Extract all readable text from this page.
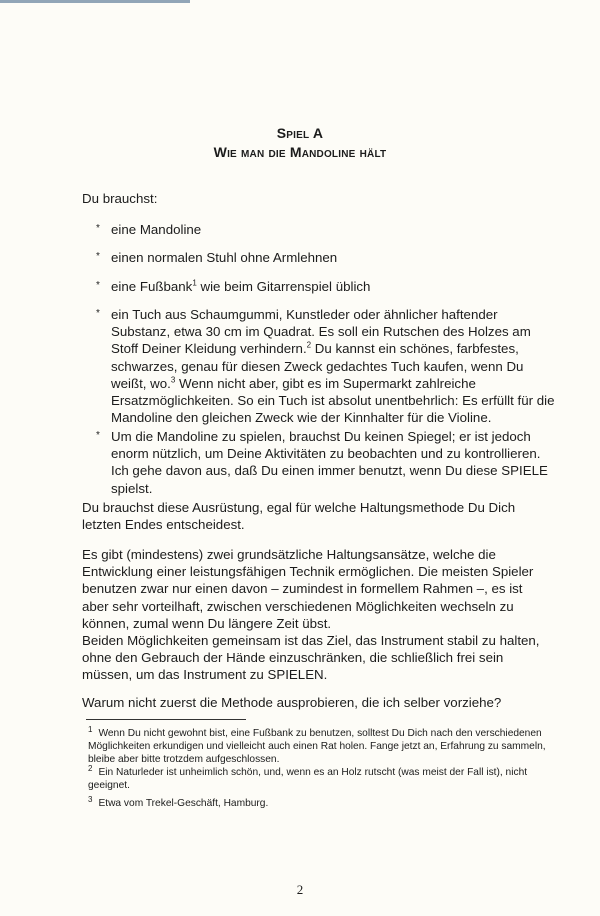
Spiel A
Wie man die Mandoline hält
Du brauchst:
* eine Mandoline
* einen normalen Stuhl ohne Armlehnen
* eine Fußbank$^1$ wie beim Gitarrenspiel üblich
* ein Tuch aus Schaumgummi, Kunstleder oder ähnlicher haftender Substanz, etwa 30 cm im Quadrat. Es soll ein Rutschen des Holzes am Stoff Deiner Kleidung verhindern.$^2$ Du kannst ein schönes, farbfestes, schwarzes, genau für diesen Zweck gedachtes Tuch kaufen, wenn Du weißt, wo.$^3$ Wenn nicht aber, gibt es im Supermarkt zahlreiche Ersatzmöglichkeiten. So ein Tuch ist absolut unentbehrlich: Es erfüllt für die Mandoline den gleichen Zweck wie der Kinnhalter für die Violine.
* Um die Mandoline zu spielen, brauchst Du keinen Spiegel; er ist jedoch enorm nützlich, um Deine Aktivitäten zu beobachten und zu kontrollieren. Ich gehe davon aus, daß Du einen immer benutzt, wenn Du diese SPIELE spielst.
Du brauchst diese Ausrüstung, egal für welche Haltungsmethode Du Dich letzten Endes entscheidest.
Es gibt (mindestens) zwei grundsätzliche Haltungsansätze, welche die Entwicklung einer leistungsfähigen Technik ermöglichen. Die meisten Spieler benutzen zwar nur einen davon – zumindest in formellem Rahmen –, es ist aber sehr vorteilhaft, zwischen verschiedenen Möglichkeiten wechseln zu können, zumal wenn Du längere Zeit übst.
Beiden Möglichkeiten gemeinsam ist das Ziel, das Instrument stabil zu halten, ohne den Gebrauch der Hände einzuschränken, die schließlich frei sein müssen, um das Instrument zu SPIELEN.
Warum nicht zuerst die Methode ausprobieren, die ich selber vorziehe?
$^1$ Wenn Du nicht gewohnt bist, eine Fußbank zu benutzen, solltest Du Dich nach den verschiedenen Möglichkeiten erkundigen und vielleicht auch einen Rat holen. Fange jetzt an, Erfahrung zu sammeln, bleibe aber bitte trotzdem aufgeschlossen.
$^2$ Ein Naturleder ist unheimlich schön, und, wenn es an Holz rutscht (was meist der Fall ist), nicht geeignet.
$^3$ Etwa vom Trekel-Geschäft, Hamburg.
2
